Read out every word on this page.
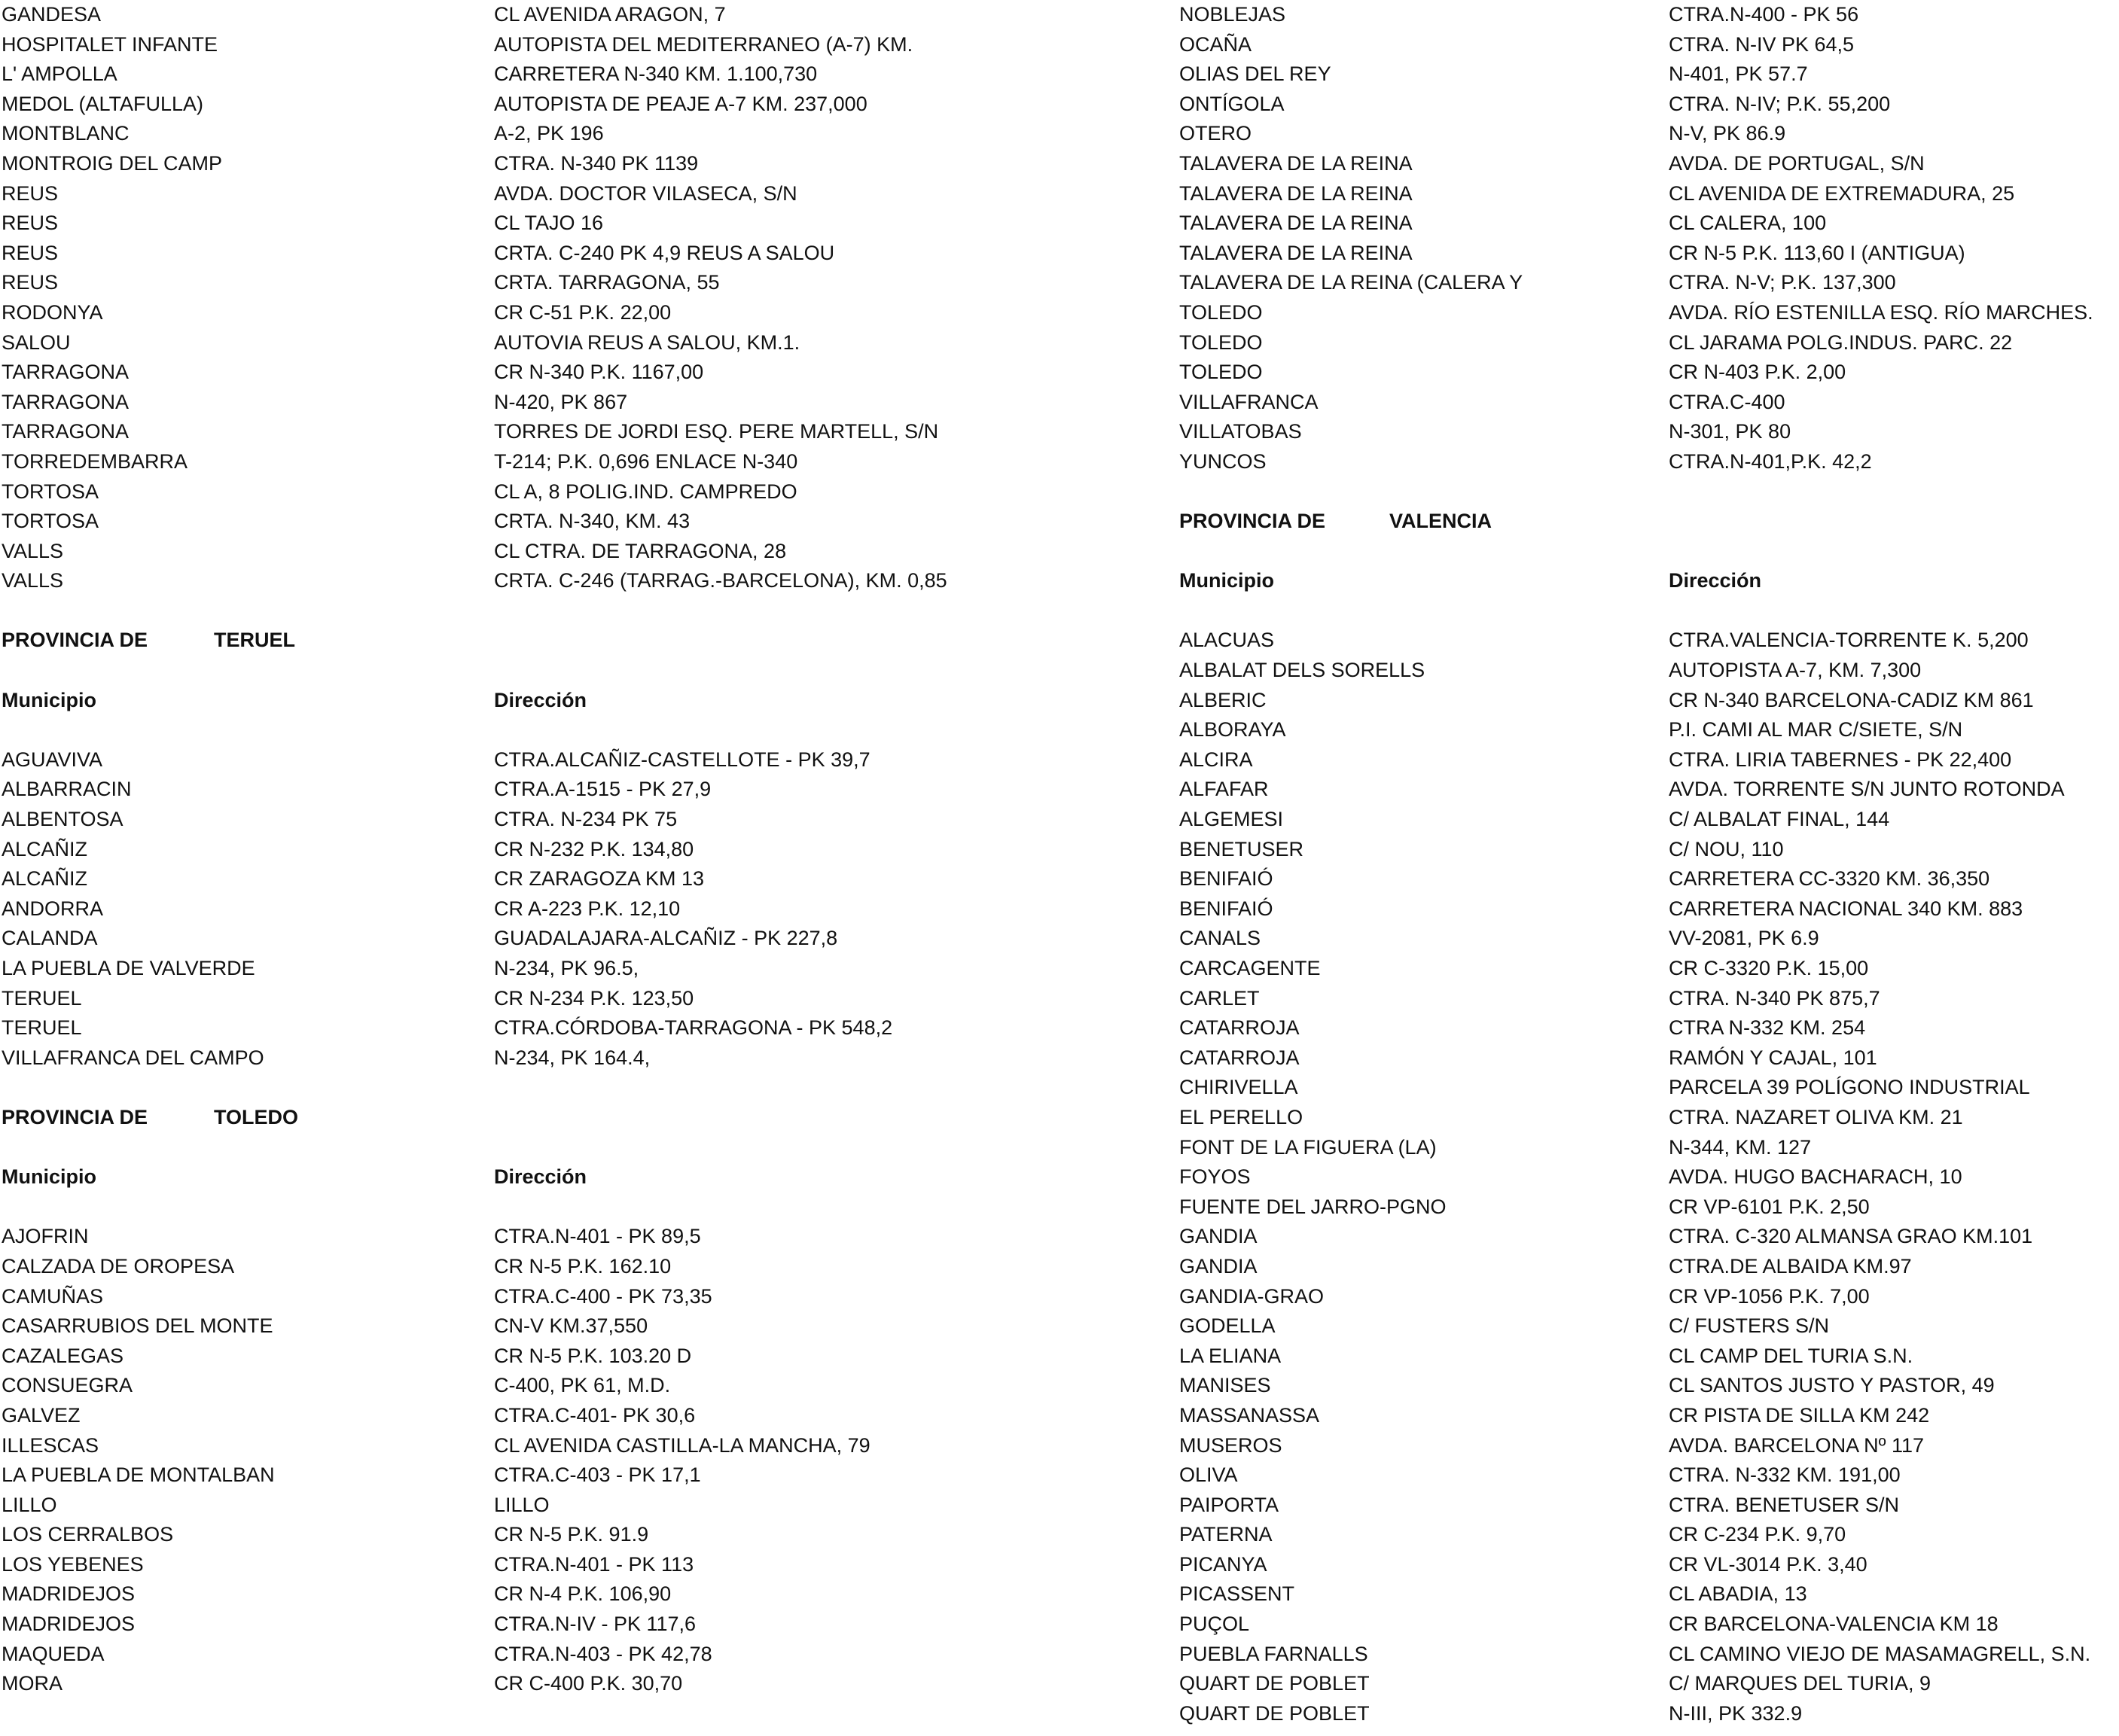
GANDESA	CL AVENIDA ARAGON, 7
HOSPITALET INFANTE	AUTOPISTA DEL MEDITERRANEO (A-7) KM.
L' AMPOLLA	CARRETERA N-340 KM. 1.100,730
MEDOL (ALTAFULLA)	AUTOPISTA DE PEAJE A-7 KM. 237,000
MONTBLANC	A-2, PK 196
MONTROIG DEL CAMP	CTRA. N-340 PK 1139
REUS	AVDA. DOCTOR VILASECA, S/N
REUS	CL TAJO 16
REUS	CRTA. C-240 PK 4,9 REUS A SALOU
REUS	CRTA. TARRAGONA, 55
RODONYA	CR C-51 P.K. 22,00
SALOU	AUTOVIA REUS A SALOU, KM.1.
TARRAGONA	CR N-340 P.K. 1167,00
TARRAGONA	N-420, PK 867
TARRAGONA	TORRES DE JORDI ESQ. PERE MARTELL, S/N
TORREDEMBARRA	T-214; P.K. 0,696 ENLACE N-340
TORTOSA	CL A, 8 POLIG.IND. CAMPREDO
TORTOSA	CRTA. N-340, KM. 43
VALLS	CL CTRA. DE TARRAGONA, 28
VALLS	CRTA. C-246 (TARRAG.-BARCELONA), KM. 0,85
PROVINCIA DE	TERUEL
Municipio	Dirección
AGUAVIVA	CTRA.ALCAÑIZ-CASTELLOTE - PK 39,7
ALBARRACIN	CTRA.A-1515 - PK 27,9
ALBENTOSA	CTRA. N-234 PK 75
ALCAÑIZ	CR N-232 P.K. 134,80
ALCAÑIZ	CR ZARAGOZA KM 13
ANDORRA	CR A-223 P.K. 12,10
CALANDA	GUADALAJARA-ALCAÑIZ - PK 227,8
LA PUEBLA DE VALVERDE	N-234, PK 96.5,
TERUEL	CR N-234 P.K. 123,50
TERUEL	CTRA.CÓRDOBA-TARRAGONA - PK 548,2
VILLAFRANCA DEL CAMPO	N-234, PK 164.4,
PROVINCIA DE	TOLEDO
Municipio	Dirección
AJOFRIN	CTRA.N-401 - PK 89,5
CALZADA DE OROPESA	CR N-5 P.K. 162.10
CAMUÑAS	CTRA.C-400 - PK 73,35
CASARRUBIOS DEL MONTE	CN-V KM.37,550
CAZALEGAS	CR N-5 P.K. 103.20 D
CONSUEGRA	C-400, PK 61, M.D.
GALVEZ	CTRA.C-401- PK 30,6
ILLESCAS	CL AVENIDA CASTILLA-LA MANCHA, 79
LA PUEBLA DE MONTALBAN	CTRA.C-403 - PK 17,1
LILLO	LILLO
LOS CERRALBOS	CR N-5 P.K. 91.9
LOS YEBENES	CTRA.N-401 - PK 113
MADRIDEJOS	CR N-4 P.K. 106,90
MADRIDEJOS	CTRA.N-IV - PK 117,6
MAQUEDA	CTRA.N-403 - PK 42,78
MORA	CR C-400 P.K. 30,70
NOBLEJAS	CTRA.N-400 - PK 56
OCAÑA	CTRA. N-IV PK 64,5
OLIAS DEL REY	N-401, PK 57.7
ONTÍGOLA	CTRA. N-IV; P.K. 55,200
OTERO	N-V, PK 86.9
TALAVERA DE LA REINA	AVDA. DE PORTUGAL, S/N
TALAVERA DE LA REINA	CL AVENIDA DE EXTREMADURA, 25
TALAVERA DE LA REINA	CL CALERA, 100
TALAVERA DE LA REINA	CR N-5 P.K. 113,60 I (ANTIGUA)
TALAVERA DE LA REINA (CALERA Y	CTRA. N-V; P.K. 137,300
TOLEDO	AVDA. RÍO ESTENILLA ESQ. RÍO MARCHES.
TOLEDO	CL JARAMA POLG.INDUS. PARC. 22
TOLEDO	CR N-403 P.K. 2,00
VILLAFRANCA	CTRA.C-400
VILLATOBAS	N-301, PK 80
YUNCOS	CTRA.N-401,P.K. 42,2
PROVINCIA DE	VALENCIA
Municipio	Dirección
ALACUAS	CTRA.VALENCIA-TORRENTE K. 5,200
ALBALAT DELS SORELLS	AUTOPISTA A-7, KM. 7,300
ALBERIC	CR N-340 BARCELONA-CADIZ KM 861
ALBORAYA	P.I. CAMI AL MAR C/SIETE, S/N
ALCIRA	CTRA. LIRIA TABERNES - PK 22,400
ALFAFAR	AVDA. TORRENTE S/N JUNTO ROTONDA
ALGEMESI	C/ ALBALAT FINAL, 144
BENETUSER	C/ NOU, 110
BENIFAIÓ	CARRETERA CC-3320 KM. 36,350
BENIFAIÓ	CARRETERA NACIONAL 340 KM. 883
CANALS	VV-2081, PK 6.9
CARCAGENTE	CR C-3320 P.K. 15,00
CARLET	CTRA. N-340 PK 875,7
CATARROJA	CTRA N-332 KM. 254
CATARROJA	RAMÓN Y CAJAL, 101
CHIRIVELLA	PARCELA 39 POLÍGONO INDUSTRIAL
EL PERELLO	CTRA. NAZARET OLIVA KM. 21
FONT DE LA FIGUERA (LA)	N-344, KM. 127
FOYOS	AVDA. HUGO BACHARACH, 10
FUENTE DEL JARRO-PGNO	CR VP-6101 P.K. 2,50
GANDIA	CTRA. C-320 ALMANSA GRAO KM.101
GANDIA	CTRA.DE ALBAIDA KM.97
GANDIA-GRAO	CR VP-1056 P.K. 7,00
GODELLA	C/ FUSTERS S/N
LA ELIANA	CL CAMP DEL TURIA S.N.
MANISES	CL SANTOS JUSTO Y PASTOR, 49
MASSANASSA	CR PISTA DE SILLA KM 242
MUSEROS	AVDA. BARCELONA Nº 117
OLIVA	CTRA. N-332 KM. 191,00
PAIPORTA	CTRA. BENETUSER S/N
PATERNA	CR C-234 P.K. 9,70
PICANYA	CR VL-3014 P.K. 3,40
PICASSENT	CL ABADIA, 13
PUÇOL	CR BARCELONA-VALENCIA KM 18
PUEBLA FARNALLS	CL CAMINO VIEJO DE MASAMAGRELL, S.N.
QUART DE POBLET	C/ MARQUES DEL TURIA, 9
QUART DE POBLET	N-III, PK 332.9
